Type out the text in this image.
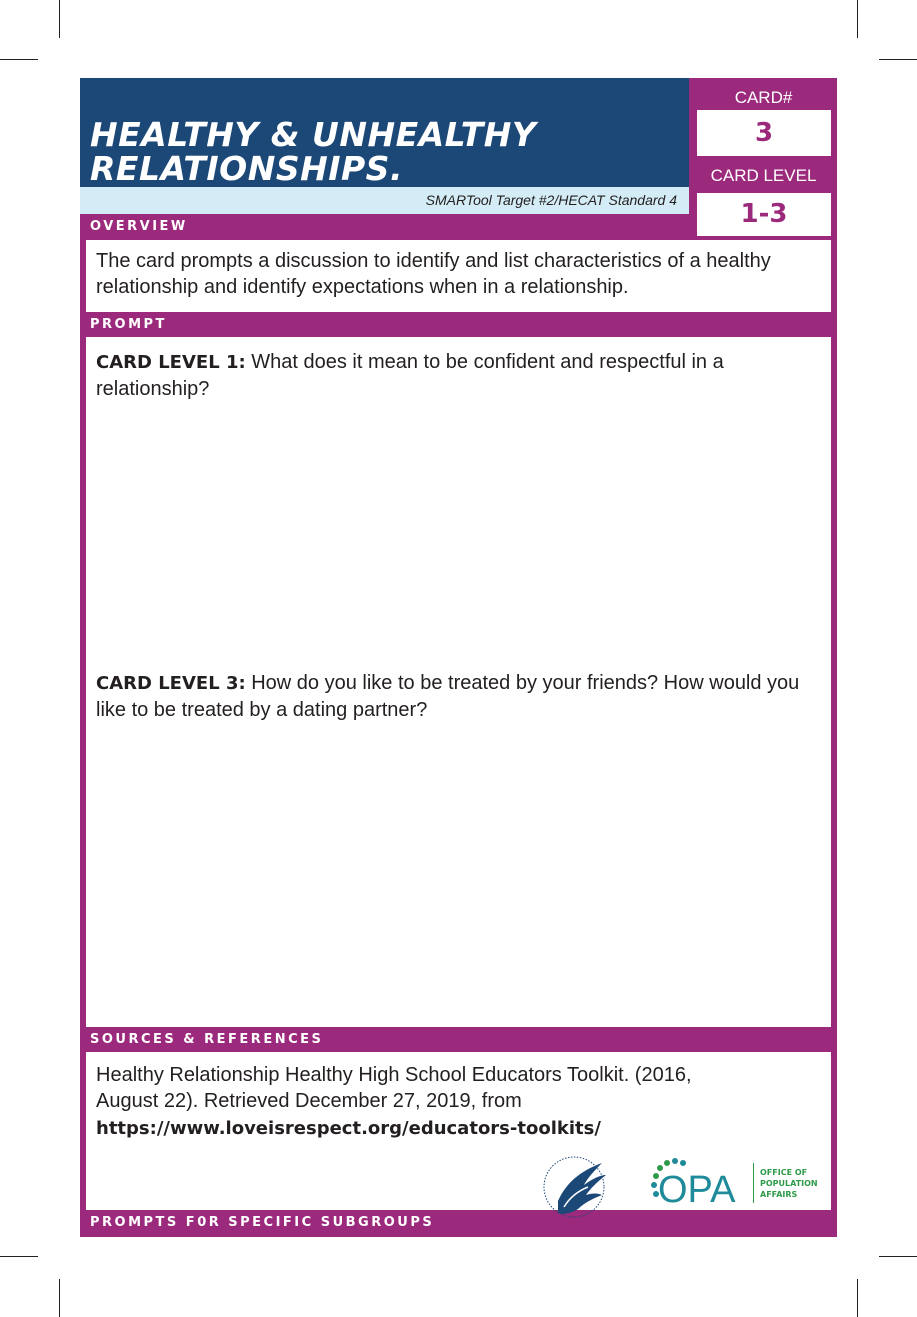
HEALTHY & UNHEALTHY RELATIONSHIPS.
SMARTool Target #2/HECAT Standard 4
CARD#
3
CARD LEVEL
1-3

The card prompts a discussion to identify and list characteristics of a healthy relationship and identify expectations when in a relationship.

OVERVIEW

CARD LEVEL 1: What does it mean to be confident and respectful in a relationship?

CARD LEVEL 3: How do you like to be treated by your friends? How would you like to be treated by a dating partner?

PROMPT

Healthy Relationship Healthy High School Educators Toolkit. (2016, August 22). Retrieved December 27, 2019, from

https://www.loveisrespect.org/educators-toolkits/

SOURCES & REFERENCES
OPA	OFFICE OF
POPULATION
AFFAIRS
PROMPTS F0R SPECIFIC SUBGROUPS
